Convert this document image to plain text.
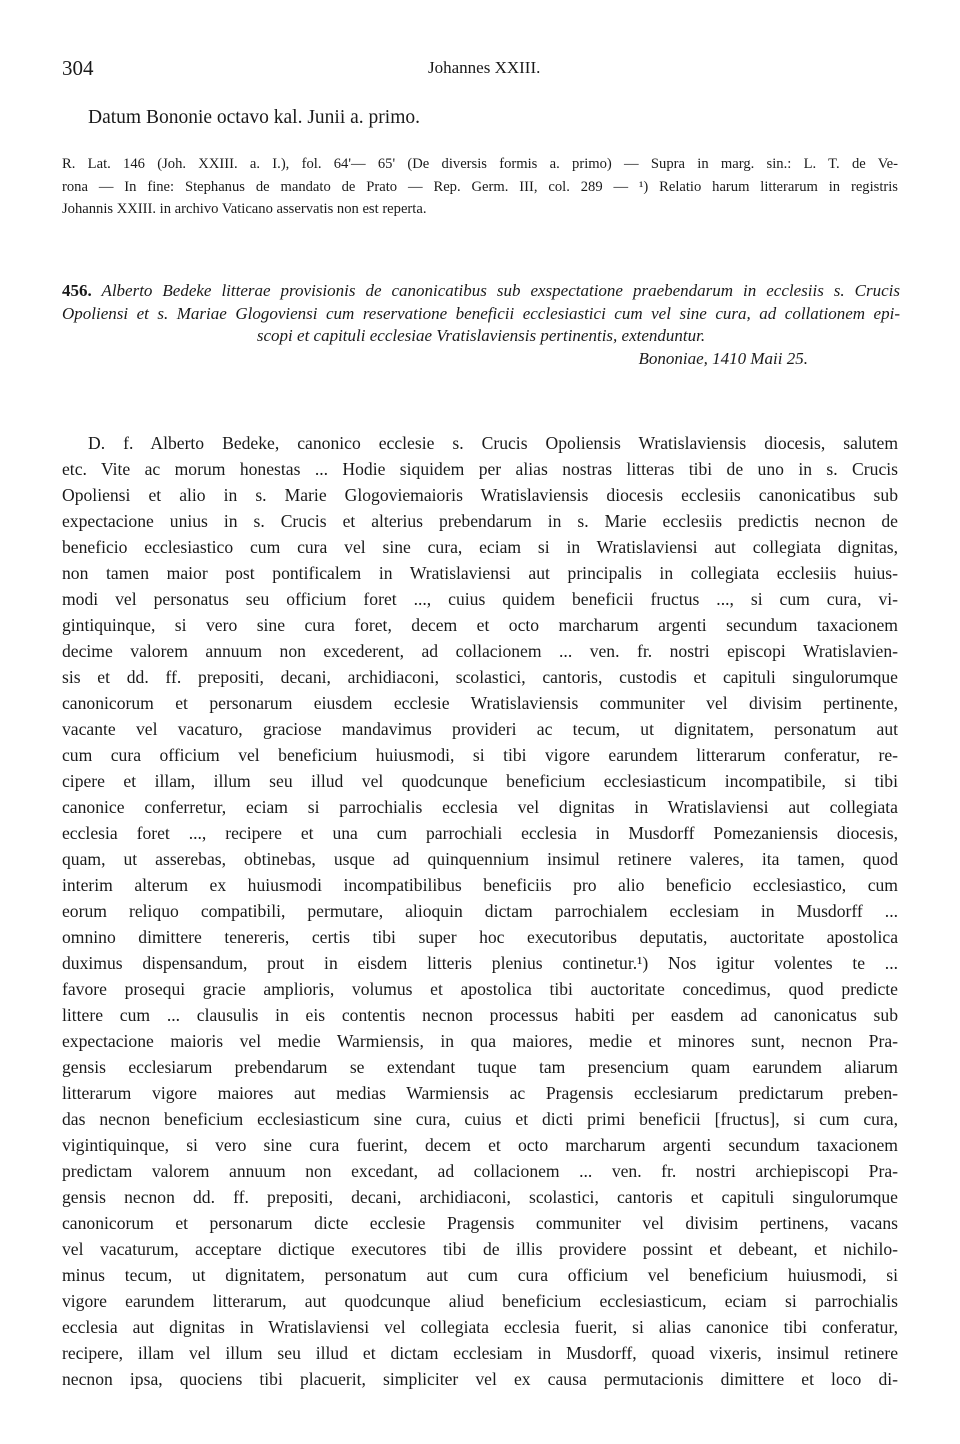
304	Johannes XXIII.
Datum Bononie octavo kal. Junii a. primo.
R. Lat. 146 (Joh. XXIII. a. I.), fol. 64'— 65' (De diversis formis a. primo) — Supra in marg. sin.: L. T. de Ve-
rona — In fine: Stephanus de mandato de Prato — Rep. Germ. III, col. 289 — ¹) Relatio harum litterarum in registris
Johannis XXIII. in archivo Vaticano asservatis non est reperta.
456. Alberto Bedeke litterae provisionis de canonicatibus sub exspectatione praebendarum in ecclesiis s. Crucis
Opoliensi et s. Mariae Glogoviensi cum reservatione beneficii ecclesiastici cum vel sine cura, ad collationem epi-
scopi et capituli ecclesiae Vratislaviensis pertinentis, extenduntur.
Bononiae, 1410 Maii 25.
D. f. Alberto Bedeke, canonico ecclesie s. Crucis Opoliensis Wratislaviensis diocesis, salutem
etc. Vite ac morum honestas ... Hodie siquidem per alias nostras litteras tibi de uno in s. Crucis
Opoliensi et alio in s. Marie Glogoviemaioris Wratislaviensis diocesis ecclesiis canonicatibus sub
expectacione unius in s. Crucis et alterius prebendarum in s. Marie ecclesiis predictis necnon de
beneficio ecclesiastico cum cura vel sine cura, eciam si in Wratislaviensi aut collegiata dignitas,
non tamen maior post pontificalem in Wratislaviensi aut principalis in collegiata ecclesiis huius-
modi vel personatus seu officium foret ..., cuius quidem beneficii fructus ..., si cum cura, vi-
gintiquinque, si vero sine cura foret, decem et octo marcharum argenti secundum taxacionem
decime valorem annuum non excederent, ad collacionem ... ven. fr. nostri episcopi Wratislavien-
sis et dd. ff. prepositi, decani, archidiaconi, scolastici, cantoris, custodis et capituli singulorumque
canonicorum et personarum eiusdem ecclesie Wratislaviensis communiter vel divisim pertinente,
vacante vel vacaturo, graciose mandavimus provideri ac tecum, ut dignitatem, personatum aut
cum cura officium vel beneficium huiusmodi, si tibi vigore earundem litterarum conferatur, re-
cipere et illam, illum seu illud vel quodcunque beneficium ecclesiasticum incompatibile, si tibi
canonice conferretur, eciam si parrochialis ecclesia vel dignitas in Wratislaviensi aut collegiata
ecclesia foret ..., recipere et una cum parrochiali ecclesia in Musdorff Pomezaniensis diocesis,
quam, ut asserebas, obtinebas, usque ad quinquennium insimul retinere valeres, ita tamen, quod
interim alterum ex huiusmodi incompatibilibus beneficiis pro alio beneficio ecclesiastico, cum
eorum reliquo compatibili, permutare, alioquin dictam parrochialem ecclesiam in Musdorff ...
omnino dimittere tenereris, certis tibi super hoc executoribus deputatis, auctoritate apostolica
duximus dispensandum, prout in eisdem litteris plenius continetur.¹) Nos igitur volentes te ...
favore prosequi gracie amplioris, volumus et apostolica tibi auctoritate concedimus, quod predicte
littere cum ... clausulis in eis contentis necnon processus habiti per easdem ad canonicatus sub
expectacione maioris vel medie Warmiensis, in qua maiores, medie et minores sunt, necnon Pra-
gensis ecclesiarum prebendarum se extendant tuque tam presencium quam earundem aliarum
litterarum vigore maiores aut medias Warmiensis ac Pragensis ecclesiarum predictarum preben-
das necnon beneficium ecclesiasticum sine cura, cuius et dicti primi beneficii [fructus], si cum cura,
vigintiquinque, si vero sine cura fuerint, decem et octo marcharum argenti secundum taxacionem
predictam valorem annuum non excedant, ad collacionem ... ven. fr. nostri archiepiscopi Pra-
gensis necnon dd. ff. prepositi, decani, archidiaconi, scolastici, cantoris et capituli singulorumque
canonicorum et personarum dicte ecclesie Pragensis communiter vel divisim pertinens, vacans
vel vacaturum, acceptare dictique executores tibi de illis providere possint et debeant, et nichilo-
minus tecum, ut dignitatem, personatum aut cum cura officium vel beneficium huiusmodi, si
vigore earundem litterarum, aut quodcunque aliud beneficium ecclesiasticum, eciam si parrochialis
ecclesia aut dignitas in Wratislaviensi vel collegiata ecclesia fuerit, si alias canonice tibi conferatur,
recipere, illam vel illum seu illud et dictam ecclesiam in Musdorff, quoad vixeris, insimul retinere
necnon ipsa, quociens tibi placuerit, simpliciter vel ex causa permutacionis dimittere et loco di-
